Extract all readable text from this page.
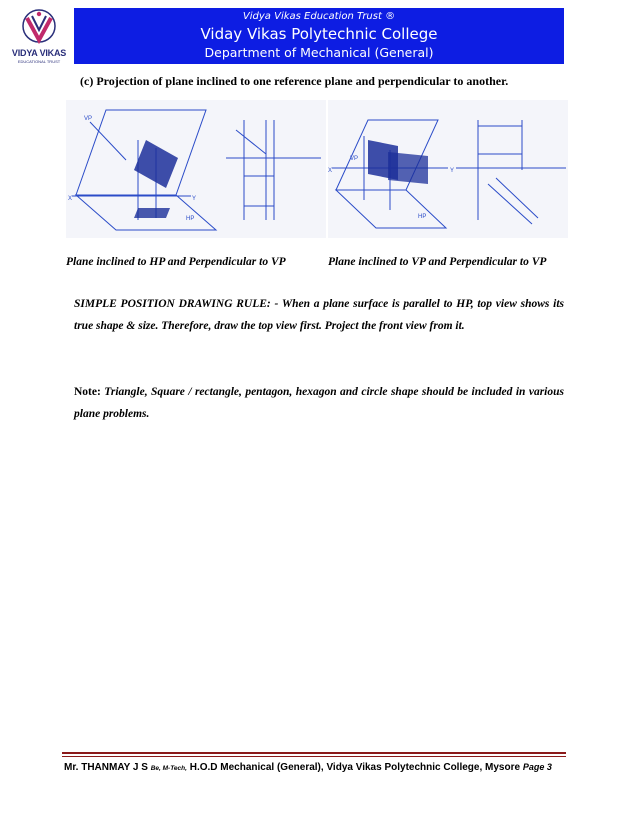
VIDYA VIKAS
EDUCATIONAL TRUST
Vidya Vikas Education Trust ®
Viday Vikas Polytechnic College
Department of Mechanical (General)
(c) Projection of plane inclined to one reference plane and perpendicular to another.
VP
HP
X	Y
VP
HP
X	Y
Plane inclined to HP and Perpendicular to VP	Plane inclined to VP and Perpendicular to VP
SIMPLE POSITION DRAWING RULE: - When a plane surface is parallel to HP, top view shows its true shape & size. Therefore, draw the top view first. Project the front view from it.
Note: Triangle, Square / rectangle, pentagon, hexagon and circle shape should be included in various plane problems.
Mr. THANMAY J S Be, M-Tech, H.O.D Mechanical (General), Vidya Vikas Polytechnic College, Mysore Page 3
